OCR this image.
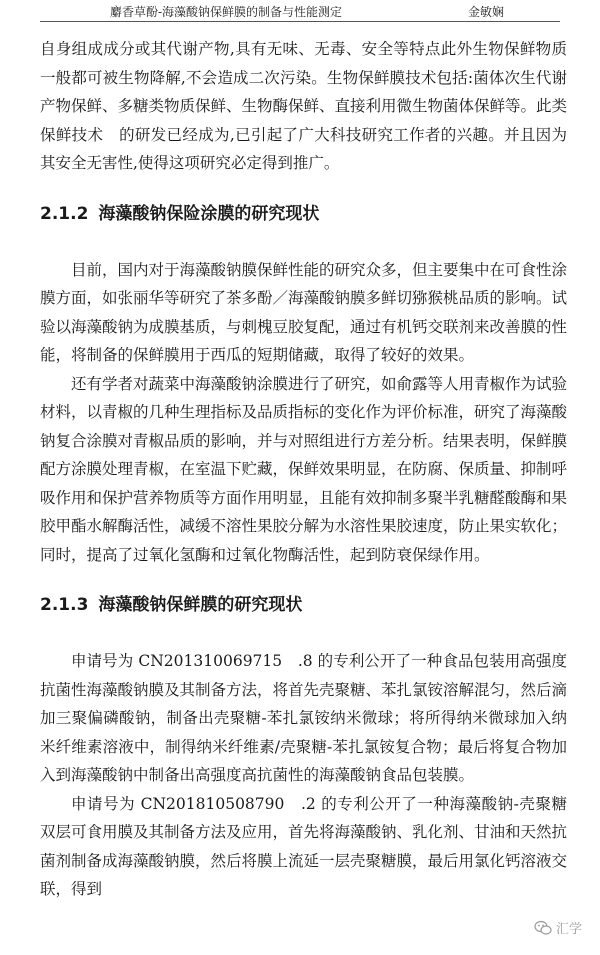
麝香草酚-海藻酸钠保鲜膜的制备与性能测定	金敏娴

自身组成成分或其代谢产物,具有无味、无毒、安全等特点此外生物保鲜物质一般都可被生物降解,不会造成二次污染。生物保鲜膜技术包括:菌体次生代谢产物保鲜、多糖类物质保鲜、生物酶保鲜、直接利用微生物菌体保鲜等。此类保鲜技术　的研发已经成为,已引起了广大科技研究工作者的兴趣。并且因为其安全无害性,使得这项研究必定得到推广。

2.1.2 海藻酸钠保险涂膜的研究现状

目前，国内对于海藻酸钠膜保鲜性能的研究众多，但主要集中在可食性涂膜方面，如张丽华等研究了茶多酚／海藻酸钠膜多鲜切猕猴桃品质的影响。试验以海藻酸钠为成膜基质，与刺槐豆胶复配，通过有机钙交联剂来改善膜的性能，将制备的保鲜膜用于西瓜的短期储藏，取得了较好的效果。

还有学者对蔬菜中海藻酸钠涂膜进行了研究，如俞露等人用青椒作为试验材料，以青椒的几种生理指标及品质指标的变化作为评价标准，研究了海藻酸钠复合涂膜对青椒品质的影响，并与对照组进行方差分析。结果表明，保鲜膜配方涂膜处理青椒，在室温下贮藏，保鲜效果明显，在防腐、保质量、抑制呼吸作用和保护营养物质等方面作用明显，且能有效抑制多聚半乳糖醛酸酶和果胶甲酯水解酶活性，减缓不溶性果胶分解为水溶性果胶速度，防止果实软化；同时，提高了过氧化氢酶和过氧化物酶活性，起到防衰保绿作用。

2.1.3 海藻酸钠保鲜膜的研究现状

申请号为 CN201310069715　.8 的专利公开了一种食品包装用高强度抗菌性海藻酸钠膜及其制备方法，将首先壳聚糖、苯扎氯铵溶解混匀，然后滴加三聚偏磷酸钠，制备出壳聚糖-苯扎氯铵纳米微球；将所得纳米微球加入纳米纤维素溶液中，制得纳米纤维素/壳聚糖-苯扎氯铵复合物；最后将复合物加入到海藻酸钠中制备出高强度高抗菌性的海藻酸钠食品包装膜。

申请号为 CN201810508790　.2 的专利公开了一种海藻酸钠-壳聚糖双层可食用膜及其制备方法及应用，首先将海藻酸钠、乳化剂、甘油和天然抗菌剂制备成海藻酸钠膜，然后将膜上流延一层壳聚糖膜，最后用氯化钙溶液交联，得到

汇学
